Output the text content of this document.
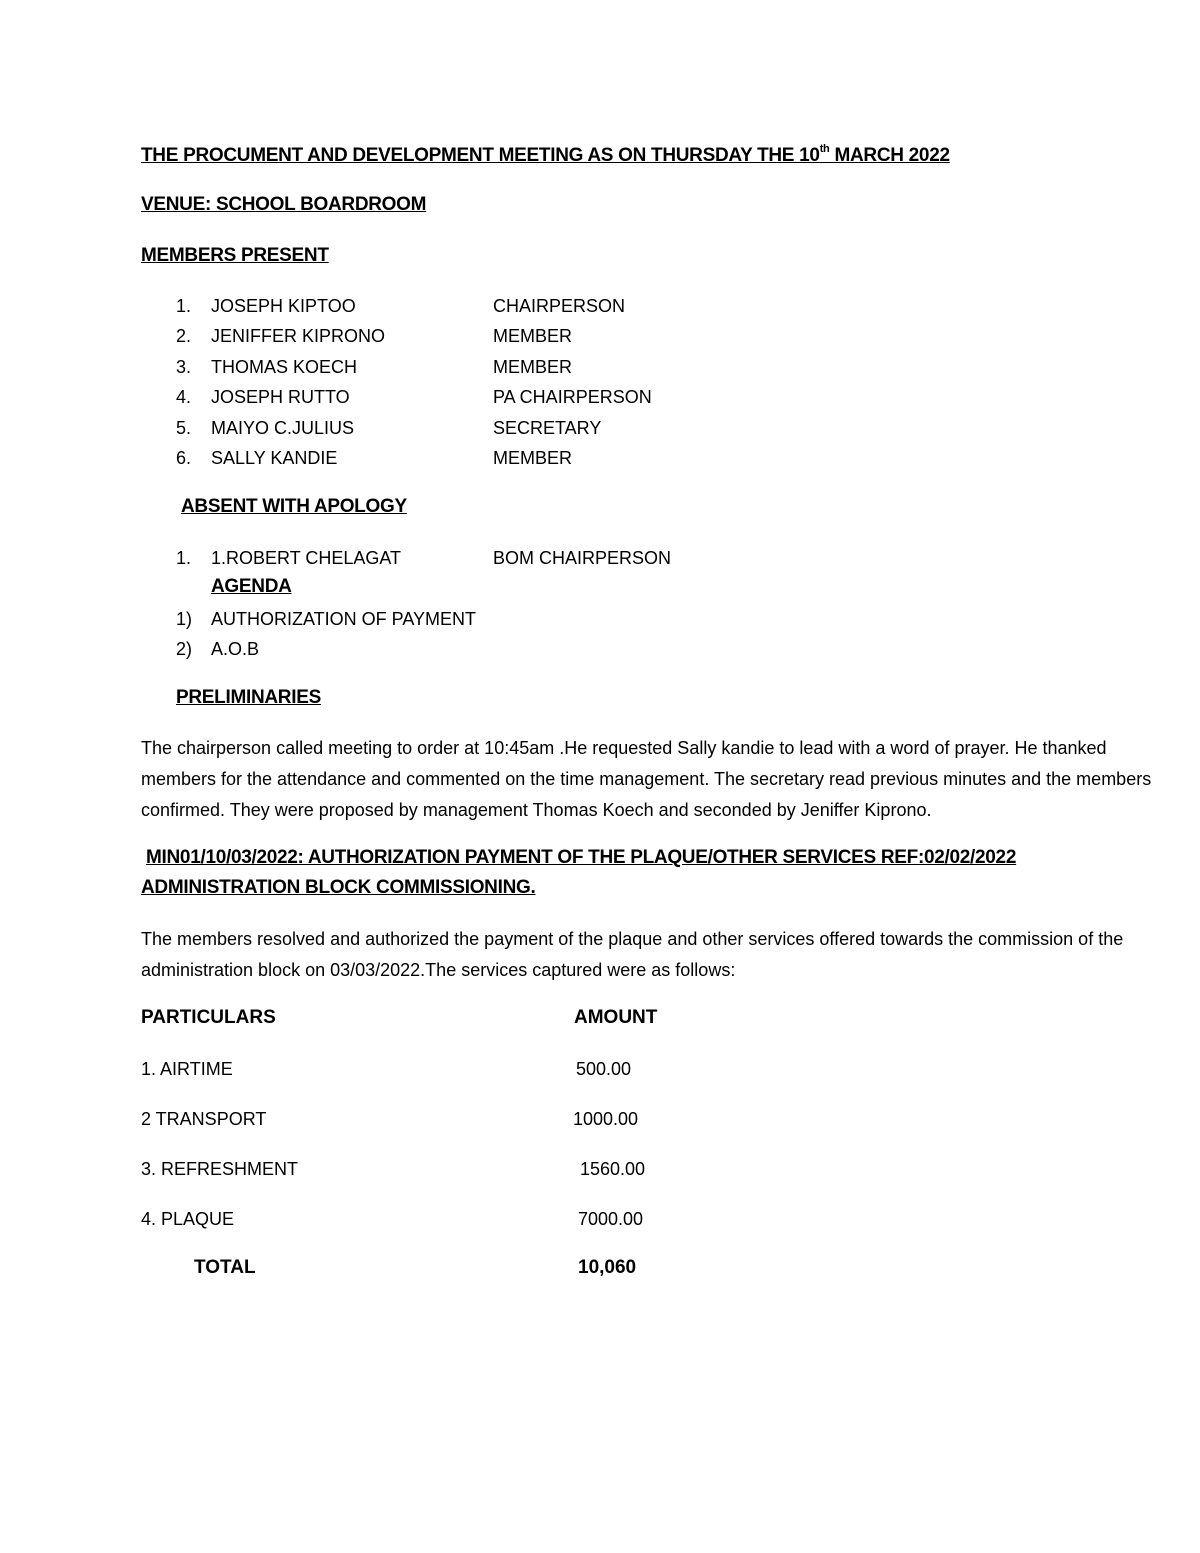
THE PROCUMENT AND DEVELOPMENT MEETING AS ON THURSDAY THE 10th MARCH 2022
VENUE: SCHOOL BOARDROOM
MEMBERS PRESENT
1. JOSEPH KIPTOO	CHAIRPERSON
2. JENIFFER KIPRONO	MEMBER
3. THOMAS KOECH	MEMBER
4. JOSEPH RUTTO	PA CHAIRPERSON
5. MAIYO C.JULIUS	SECRETARY
6. SALLY KANDIE	MEMBER
ABSENT WITH APOLOGY
1. 1.ROBERT CHELAGAT	BOM CHAIRPERSON
AGENDA
1) AUTHORIZATION OF PAYMENT
2) A.O.B
PRELIMINARIES
The chairperson called meeting to order at 10:45am .He requested Sally kandie to lead with a word of prayer. He thanked members for the attendance and commented on the time management. The secretary read previous minutes and the members confirmed. They were proposed by management Thomas Koech and seconded by Jeniffer Kiprono.
MIN01/10/03/2022: AUTHORIZATION PAYMENT OF THE PLAQUE/OTHER SERVICES REF:02/02/2022
ADMINISTRATION BLOCK COMMISSIONING.
The members resolved and authorized the payment of the plaque and other services offered towards the commission of the administration block on 03/03/2022.The services captured were as follows:
PARTICULARS	AMOUNT
1. AIRTIME	500.00
2 TRANSPORT	1000.00
3. REFRESHMENT	1560.00
4. PLAQUE	7000.00
TOTAL	10,060
